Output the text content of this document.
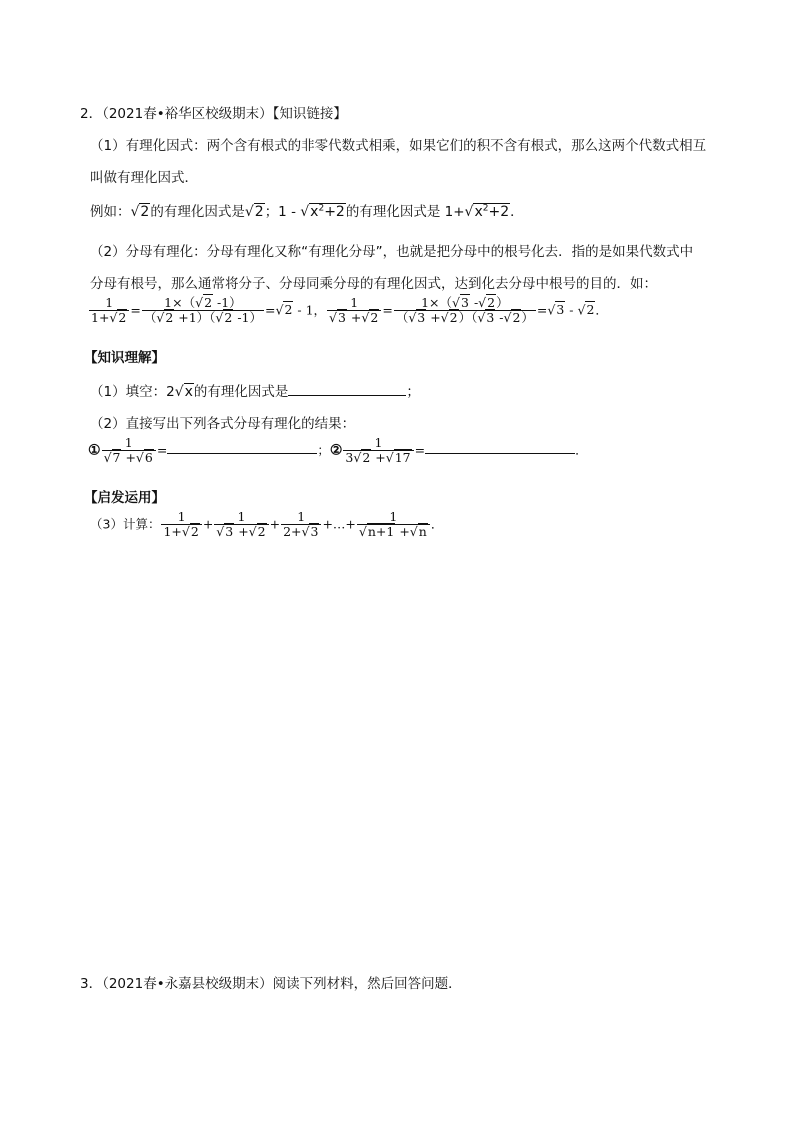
2．（2021春•裕华区校级期末）【知识链接】
（1）有理化因式：两个含有根式的非零代数式相乘，如果它们的积不含有根式，那么这两个代数式相互
叫做有理化因式．
例如：√2的有理化因式是√2；$1 - √x^2+2$的有理化因式是 $1+√x^2+2$．
（2）分母有理化：分母有理化又称“有理化分母”，也就是把分母中的根号化去．指的是如果代数式中
分母有根号，那么通常将分子、分母同乘分母的有理化因式，达到化去分母中根号的目的．如：
$\frac{1}{1+√2} = \frac{1\times(√2 -1)}{(√2 +1)(√2 -1)} =√2 - 1$， $\frac{1}{√3 +√2} = \frac{1\times(√3 -√2)}{(√3 +√2)(√3 -√2)} =√3 - √2$．
【知识理解】
（1）填空：2√x的有理化因式是	；
（2）直接写出下列各式分母有理化的结果：
① $\frac{1}{√7 +√6}$ =	；② $\frac{1}{3√2 +√17}$ =	．
【启发运用】
（3）计算： $\frac{1}{1+√2} + \frac{1}{√3 +√2} + \frac{1}{2+√3}$ +…+ $\frac{1}{√n+1 +√n}$ ．
3．（2021春•永嘉县校级期末）阅读下列材料，然后回答问题．
